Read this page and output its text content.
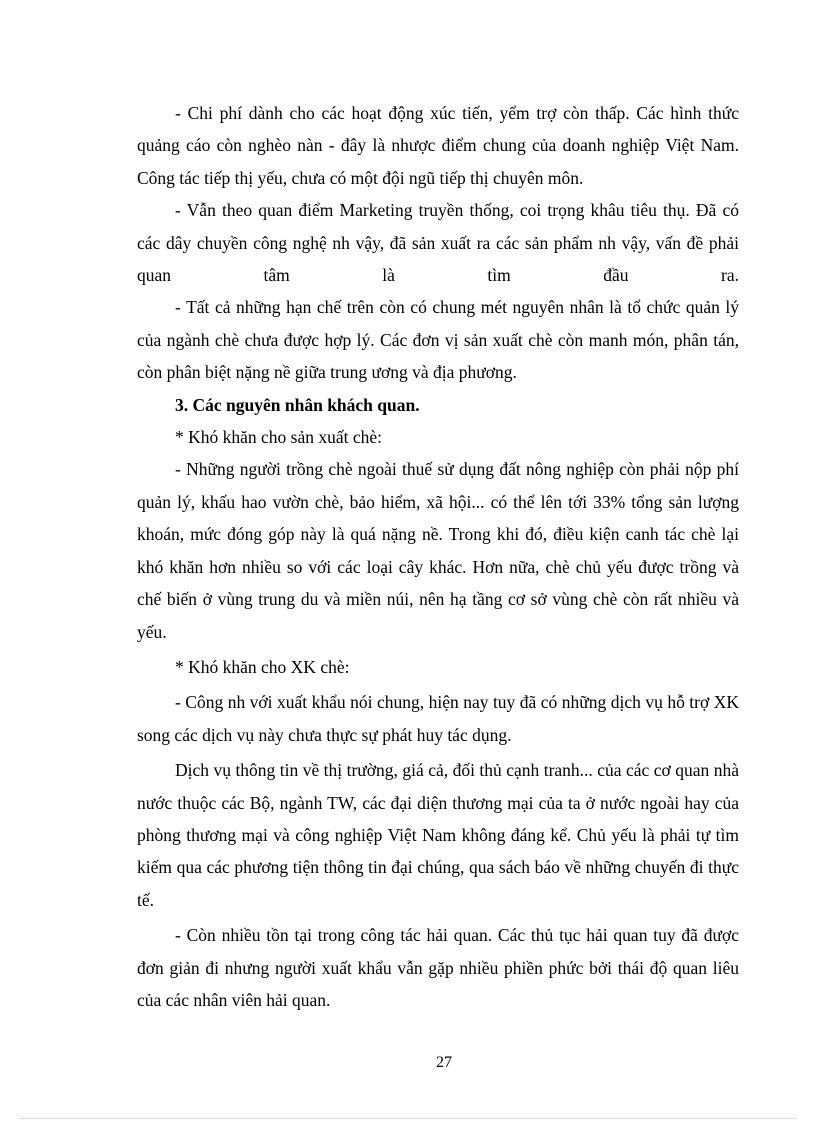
- Chi phí dành cho các hoạt động xúc tiến, yểm trợ còn thấp. Các hình thức quảng cáo còn nghèo nàn - đây là nhược điểm chung của doanh nghiệp Việt Nam. Công tác tiếp thị yếu, chưa có một đội ngũ tiếp thị chuyên môn.

- Vẫn theo quan điểm Marketing truyền thống, coi trọng khâu tiêu thụ. Đã có các dây chuyền công nghệ nh vậy, đã sản xuất ra các sản phẩm nh vậy, vấn đề phải quan tâm là tìm đầu ra.

- Tất cả những hạn chế trên còn có chung mét nguyên nhân là tổ chức quản lý của ngành chè chưa được hợp lý. Các đơn vị sản xuất chè còn manh món, phân tán, còn phân biệt nặng nề giữa trung ương và địa phương.

3. Các nguyên nhân khách quan.

* Khó khăn cho sản xuất chè:

- Những người trồng chè ngoài thuế sử dụng đất nông nghiệp còn phải nộp phí quản lý, khấu hao vườn chè, bảo hiểm, xã hội... có thể lên tới 33% tổng sản lượng khoán, mức đóng góp này là quá nặng nề. Trong khi đó, điều kiện canh tác chè lại khó khăn hơn nhiều so với các loại cây khác. Hơn nữa, chè chủ yếu được trồng và chế biến ở vùng trung du và miền núi, nên hạ tầng cơ sở vùng chè còn rất nhiều và yếu.

* Khó khăn cho XK chè:

- Công nh với xuất khẩu nói chung, hiện nay tuy đã có những dịch vụ hỗ trợ XK song các dịch vụ này chưa thực sự phát huy tác dụng.

Dịch vụ thông tin về thị trường, giá cả, đối thủ cạnh tranh... của các cơ quan nhà nước thuộc các Bộ, ngành TW, các đại diện thương mại của ta ở nước ngoài hay của phòng thương mại và công nghiệp Việt Nam không đáng kể. Chủ yếu là phải tự tìm kiếm qua các phương tiện thông tin đại chúng, qua sách báo về những chuyến đi thực tế.

- Còn nhiều tồn tại trong công tác hải quan. Các thủ tục hải quan tuy đã được đơn giản đi nhưng người xuất khẩu vẫn gặp nhiều phiền phức bởi thái độ quan liêu của các nhân viên hải quan.

27
